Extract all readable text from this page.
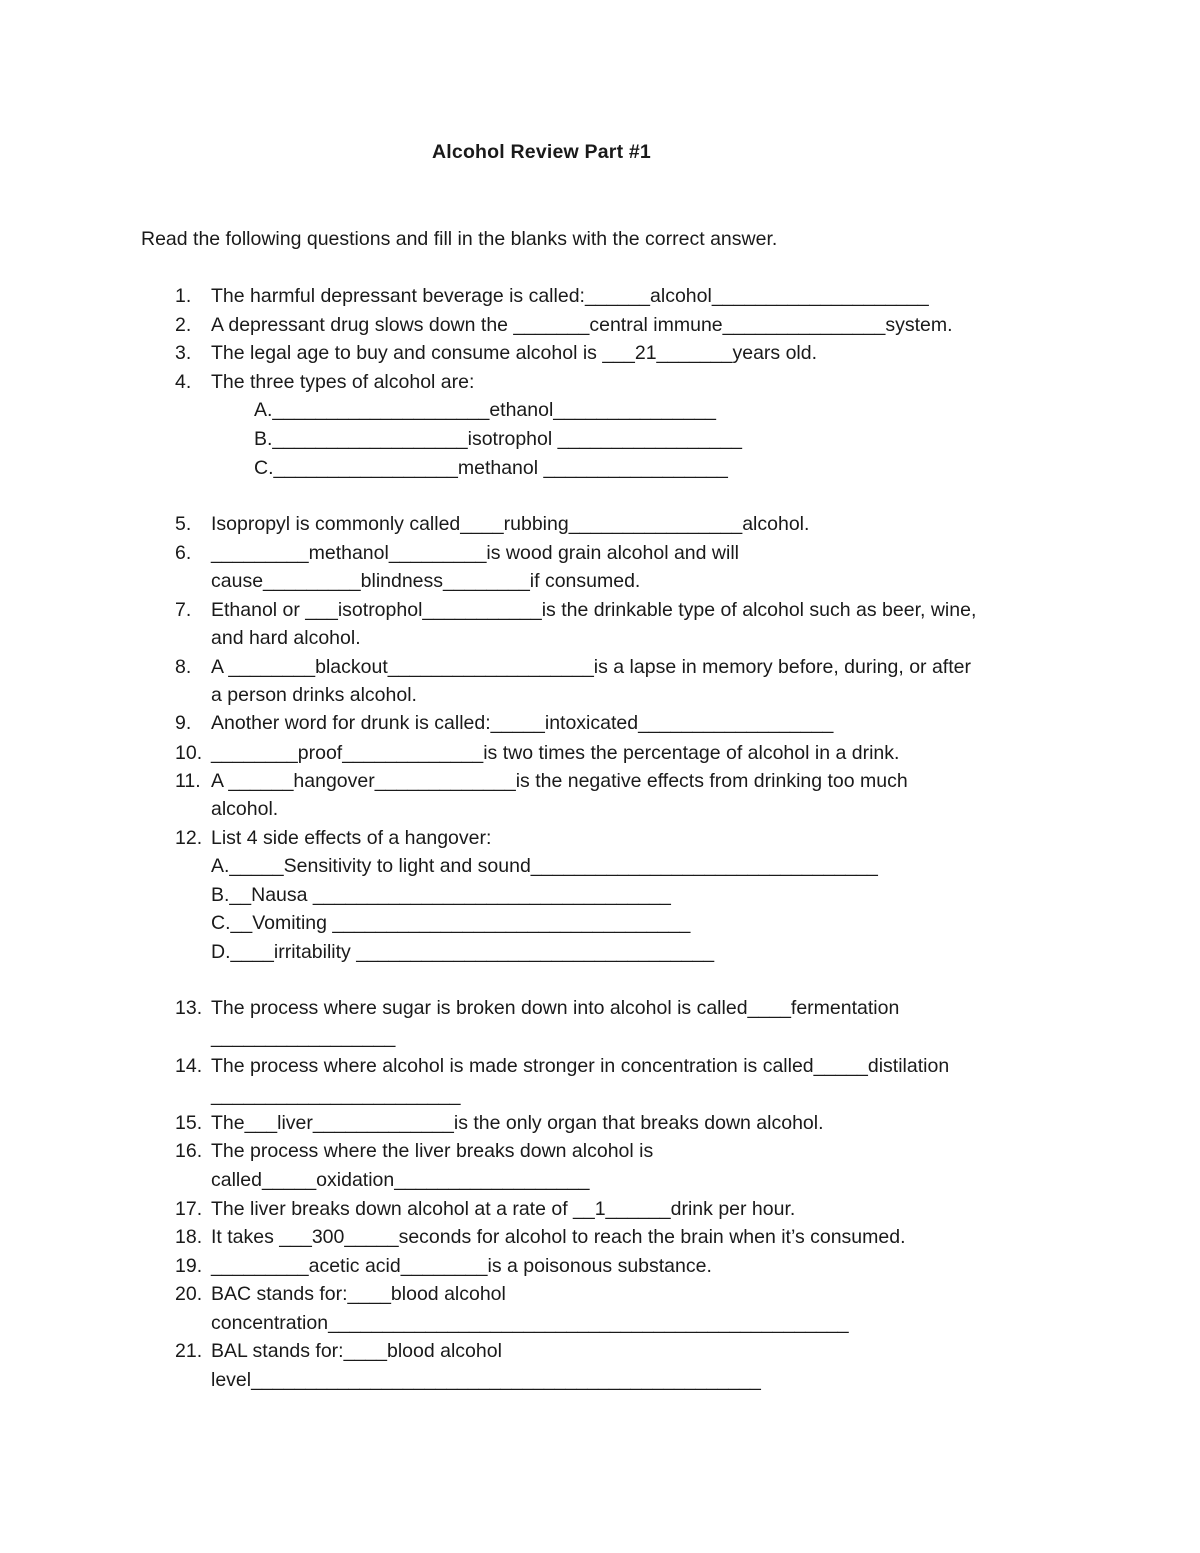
Alcohol Review Part #1
Read the following questions and fill in the blanks with the correct answer.
1. The harmful depressant beverage is called:______alcohol____________________
2. A depressant drug slows down the _______central immune_______________system.
3. The legal age to buy and consume alcohol is ___21_______years old.
4. The three types of alcohol are:
A.____________________ethanol_______________
B.__________________isotrophol _________________
C._________________methanol _________________
5. Isopropyl is commonly called____rubbing________________alcohol.
6. _________methanol_________is wood grain alcohol and will
cause_________blindness________if consumed.
7. Ethanol or ___isotrophol___________is the drinkable type of alcohol such as beer, wine,
and hard alcohol.
8. A ________blackout___________________is a lapse in memory before, during, or after
a person drinks alcohol.
9. Another word for drunk is called:_____intoxicated__________________
10. ________proof_____________is two times the percentage of alcohol in a drink.
11. A ______hangover_____________is the negative effects from drinking too much
alcohol.
12. List 4 side effects of a hangover:
A._____Sensitivity to light and sound________________________________
B.__Nausa _________________________________
C.__Vomiting _________________________________
D.____irritability _________________________________
13. The process where sugar is broken down into alcohol is called____fermentation
_________________
14. The process where alcohol is made stronger in concentration is called_____distilation
_______________________
15. The___liver_____________is the only organ that breaks down alcohol.
16. The process where the liver breaks down alcohol is
called_____oxidation__________________
17. The liver breaks down alcohol at a rate of __1______drink per hour.
18. It takes ___300_____seconds for alcohol to reach the brain when it’s consumed.
19. _________acetic acid________is a poisonous substance.
20. BAC stands for:____blood alcohol
concentration________________________________________________
21. BAL stands for:____blood alcohol
level_______________________________________________
